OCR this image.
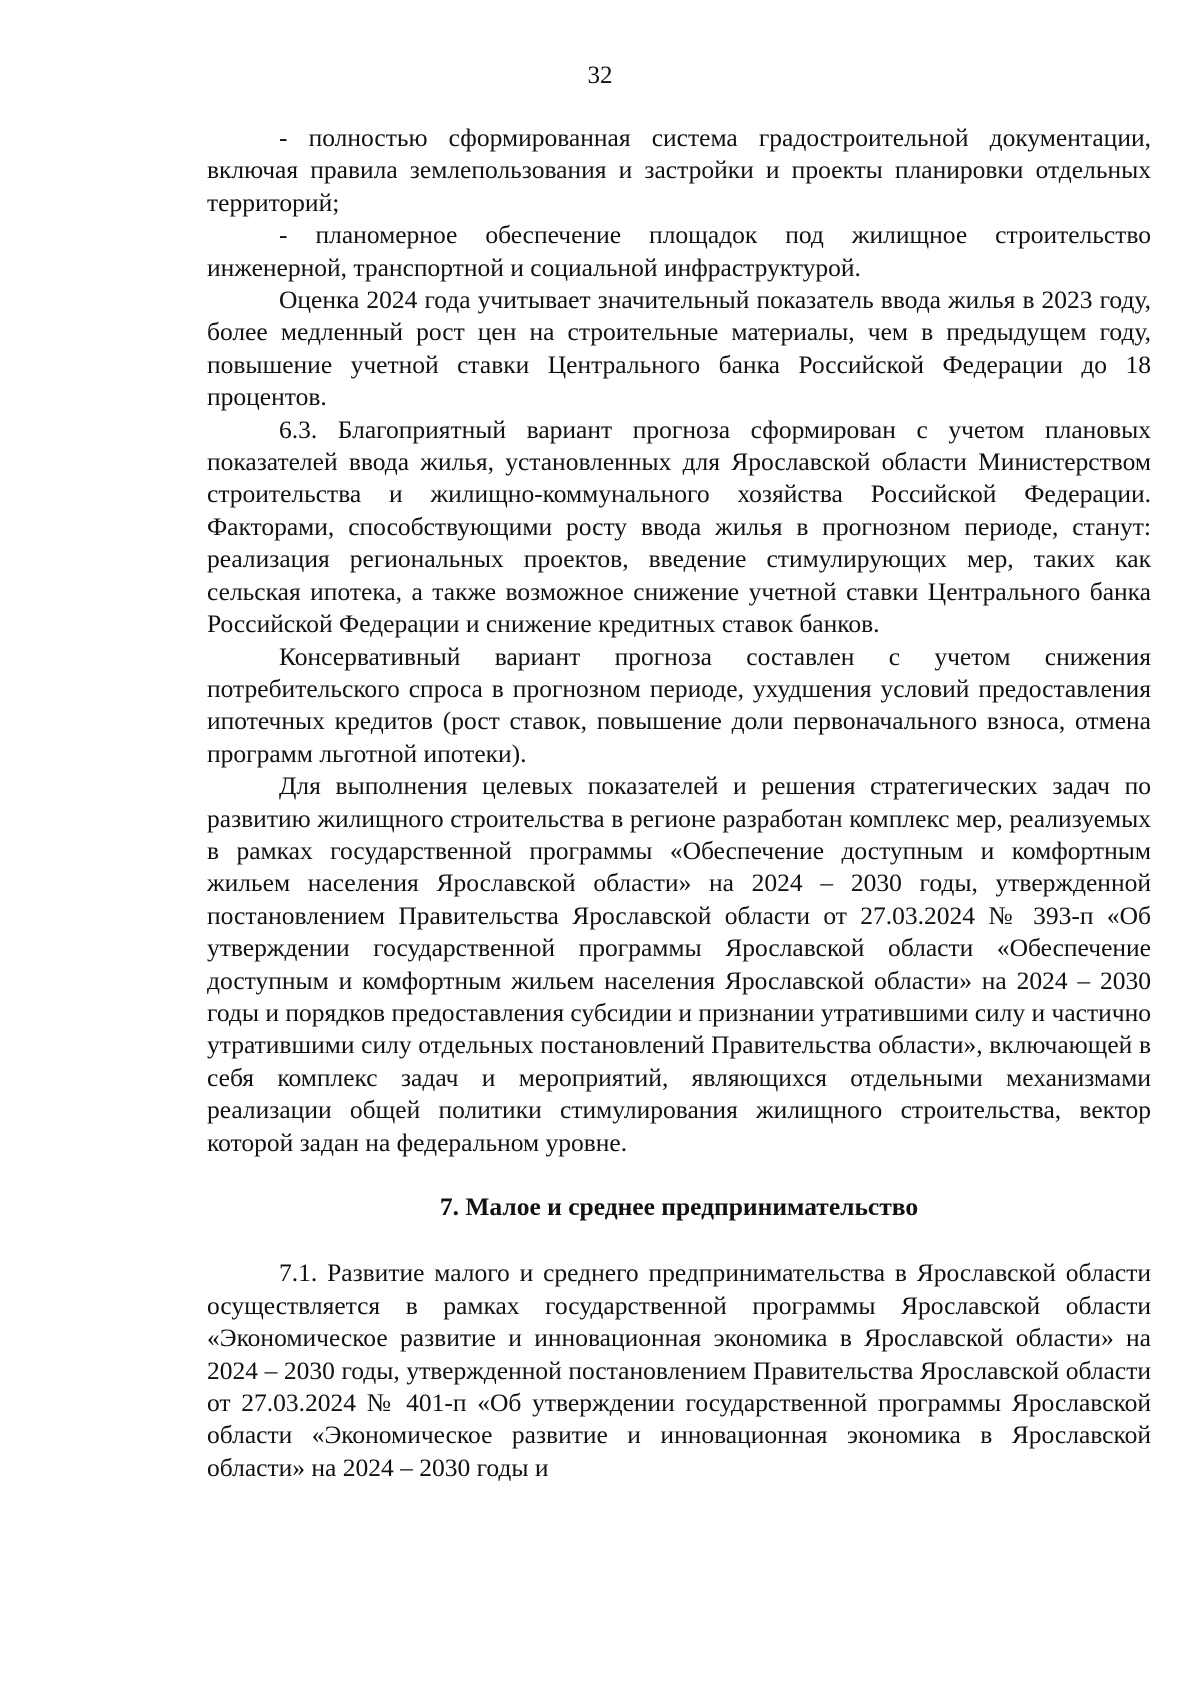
32

- полностью сформированная система градостроительной документации, включая правила землепользования и застройки и проекты планировки отдельных территорий;

- планомерное обеспечение площадок под жилищное строительство инженерной, транспортной и социальной инфраструктурой.

Оценка 2024 года учитывает значительный показатель ввода жилья в 2023 году, более медленный рост цен на строительные материалы, чем в предыдущем году, повышение учетной ставки Центрального банка Российской Федерации до 18 процентов.

6.3. Благоприятный вариант прогноза сформирован с учетом плановых показателей ввода жилья, установленных для Ярославской области Министерством строительства и жилищно-коммунального хозяйства Российской Федерации. Факторами, способствующими росту ввода жилья в прогнозном периоде, станут: реализация региональных проектов, введение стимулирующих мер, таких как сельская ипотека, а также возможное снижение учетной ставки Центрального банка Российской Федерации и снижение кредитных ставок банков.

Консервативный вариант прогноза составлен с учетом снижения потребительского спроса в прогнозном периоде, ухудшения условий предоставления ипотечных кредитов (рост ставок, повышение доли первоначального взноса, отмена программ льготной ипотеки).

Для выполнения целевых показателей и решения стратегических задач по развитию жилищного строительства в регионе разработан комплекс мер, реализуемых в рамках государственной программы «Обеспечение доступным и комфортным жильем населения Ярославской области» на 2024 – 2030 годы, утвержденной постановлением Правительства Ярославской области от 27.03.2024 № 393-п «Об утверждении государственной программы Ярославской области «Обеспечение доступным и комфортным жильем населения Ярославской области» на 2024 – 2030 годы и порядков предоставления субсидии и признании утратившими силу и частично утратившими силу отдельных постановлений Правительства области», включающей в себя комплекс задач и мероприятий, являющихся отдельными механизмами реализации общей политики стимулирования жилищного строительства, вектор которой задан на федеральном уровне.

7. Малое и среднее предпринимательство

7.1. Развитие малого и среднего предпринимательства в Ярославской области осуществляется в рамках государственной программы Ярославской области «Экономическое развитие и инновационная экономика в Ярославской области» на 2024 – 2030 годы, утвержденной постановлением Правительства Ярославской области от 27.03.2024 № 401-п «Об утверждении государственной программы Ярославской области «Экономическое развитие и инновационная экономика в Ярославской области» на 2024 – 2030 годы и
